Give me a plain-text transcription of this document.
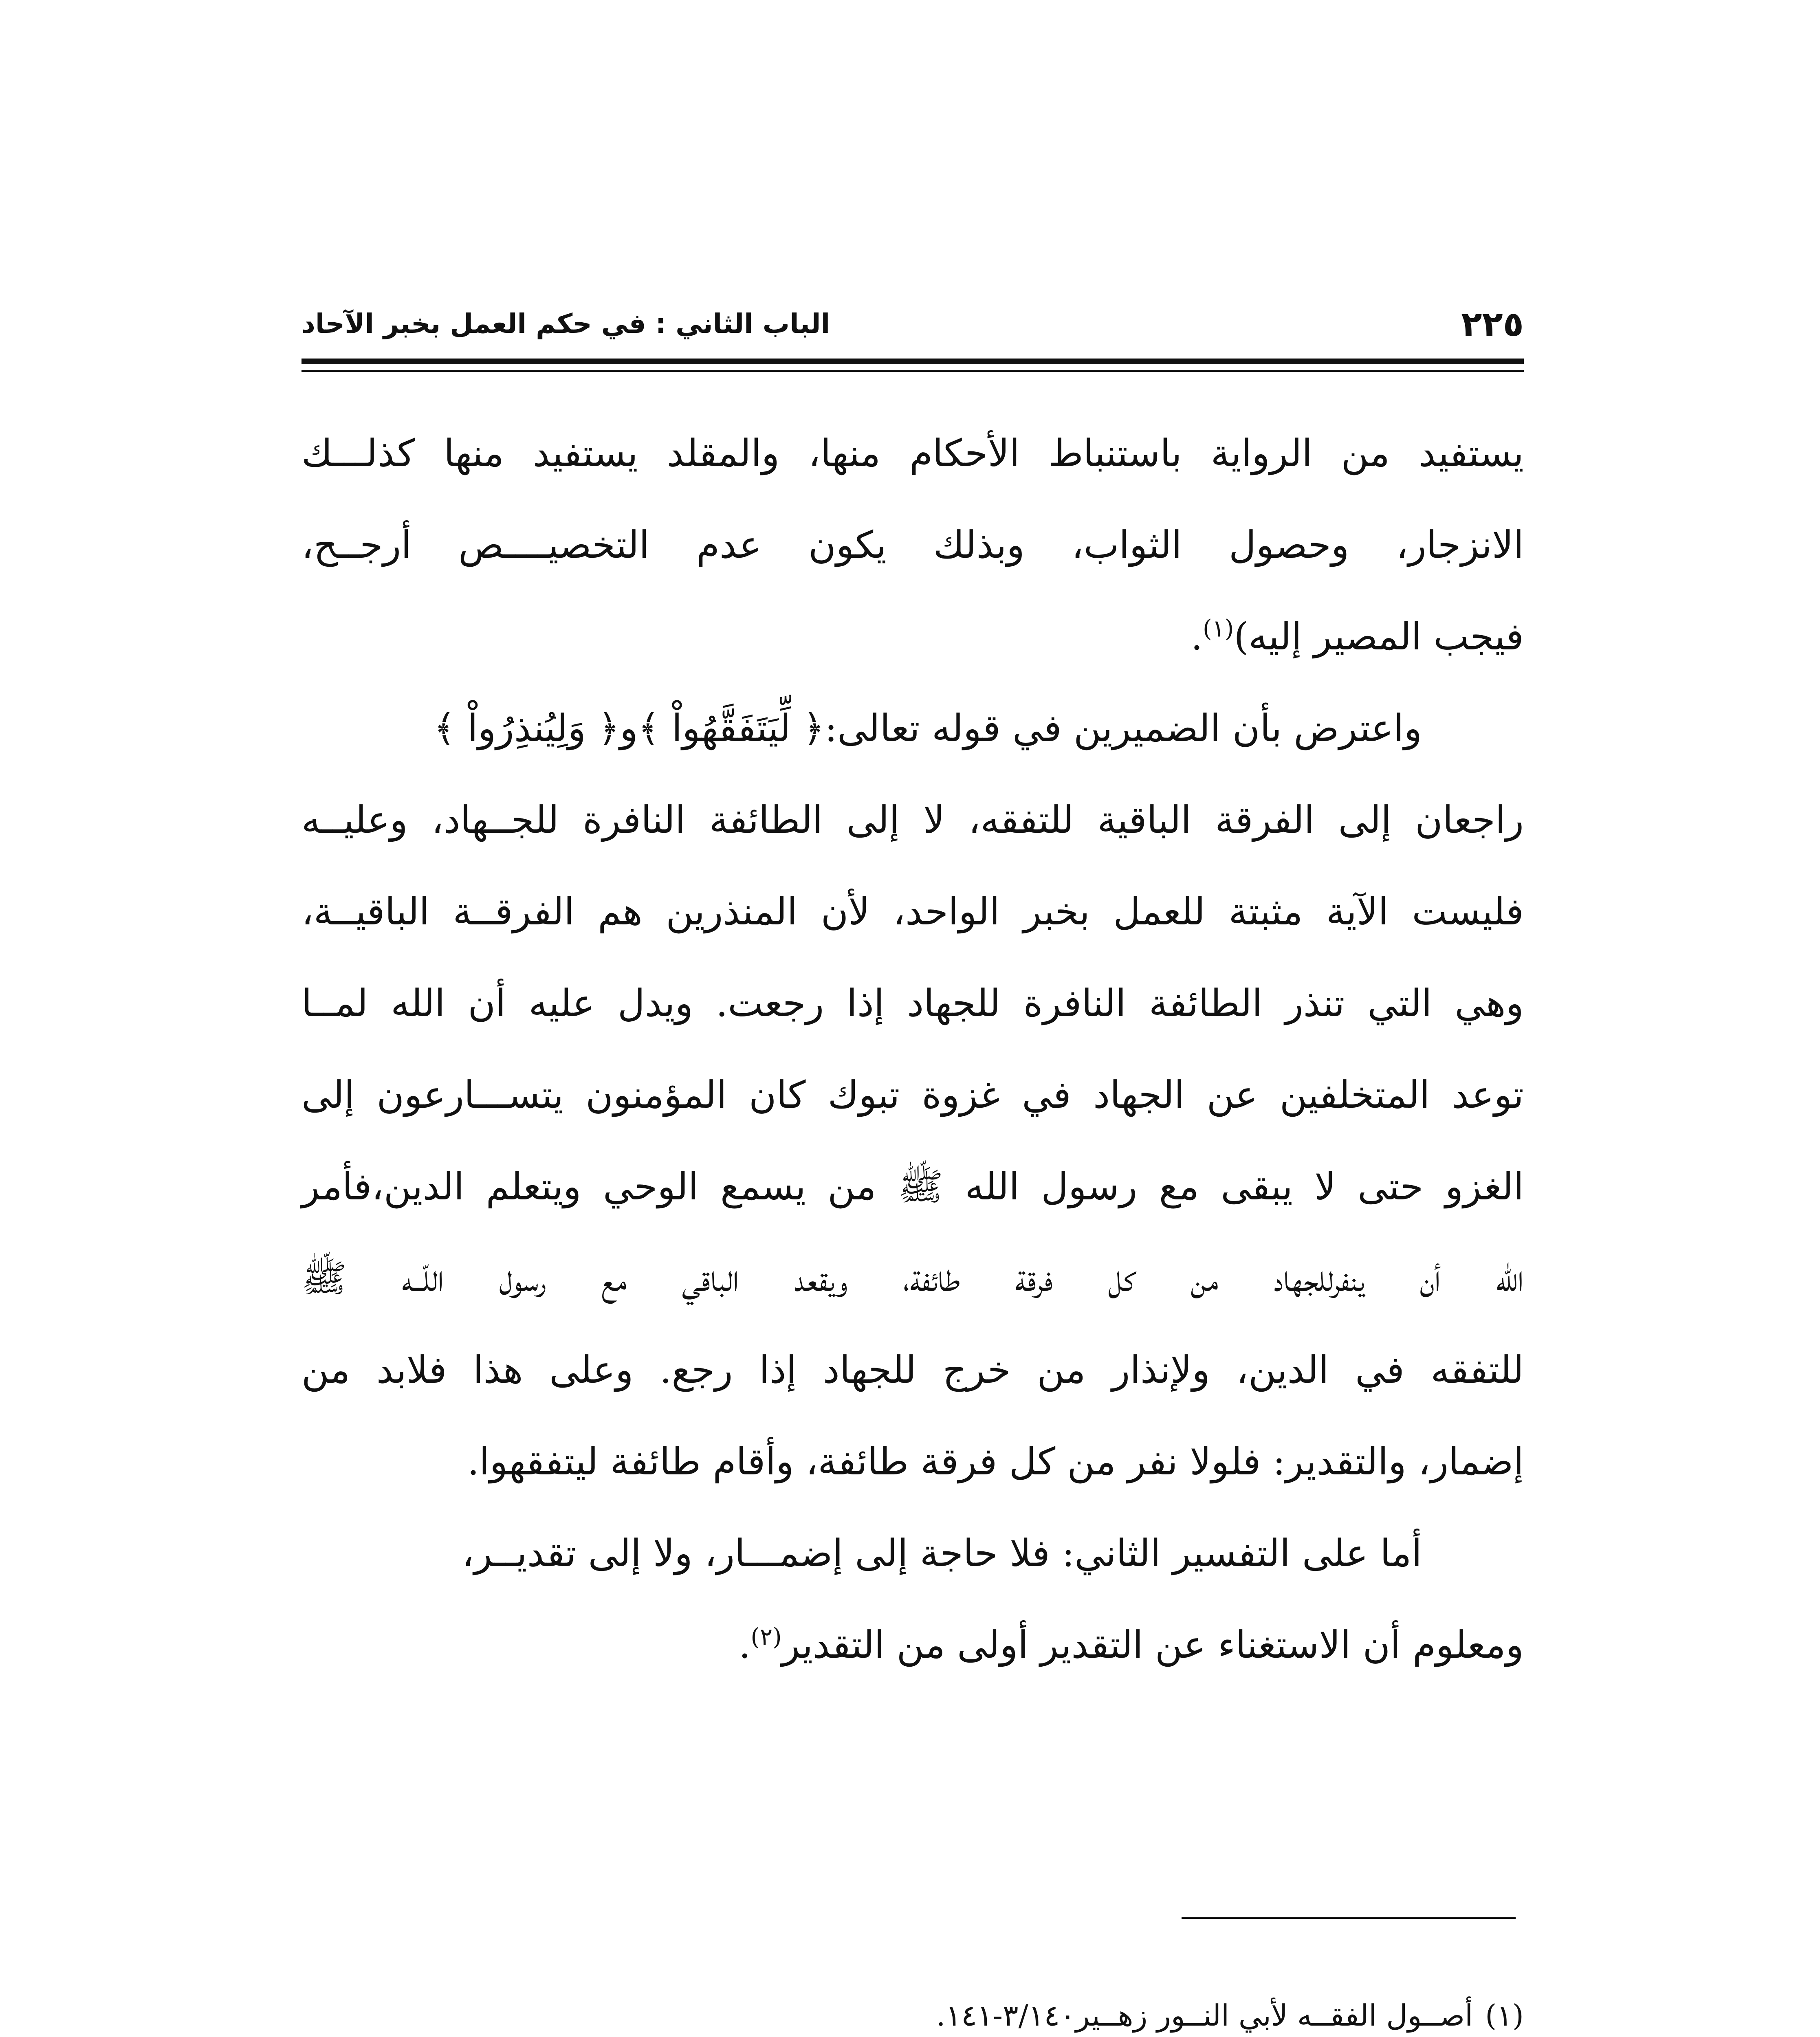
٢٢٥
الباب الثاني : في حكم العمل بخبر الآحاد
يستفيد من الرواية باستنباط الأحكام منها، والمقلد يستفيد منها كذلـــك
الانزجار، وحصول الثواب، وبذلك يكون عدم التخصيــــص أرجــح،
فيجب المصير إليه)$^{(١)}$.
واعترض بأن الضميرين في قوله تعالى:﴿ لِّيَتَفَقَّهُواْ ﴾و﴿ وَلِيُنذِرُواْ ﴾
راجعان إلى الفرقة الباقية للتفقه، لا إلى الطائفة النافرة للجــهاد، وعليــه
فليست الآية مثبتة للعمل بخبر الواحد، لأن المنذرين هم الفرقــة الباقيــة،
وهي التي تنذر الطائفة النافرة للجهاد إذا رجعت. ويدل عليه أن الله لمــا
توعد المتخلفين عن الجهاد في غزوة تبوك كان المؤمنون يتســـارعون إلى
الغزو حتى لا يبقى مع رسول الله ﷺ من يسمع الوحي ويتعلم الدين،فأمر
الله أن ينفرللجهاد من كل فرقة طائفة، ويقعد الباقي مع رسول اللّــه ﷺ
للتفقه في الدين، ولإنذار من خرج للجهاد إذا رجع. وعلى هذا فلابد من
إضمار، والتقدير: فلولا نفر من كل فرقة طائفة، وأقام طائفة ليتفقهوا.
أما على التفسير الثاني: فلا حاجة إلى إضمـــار، ولا إلى تقديــر،
ومعلوم أن الاستغناء عن التقدير أولى من التقدير$^{(٢)}$.
(١)أصــول الفقــه لأبي النــور زهــير٣/١٤٠-١٤١.
